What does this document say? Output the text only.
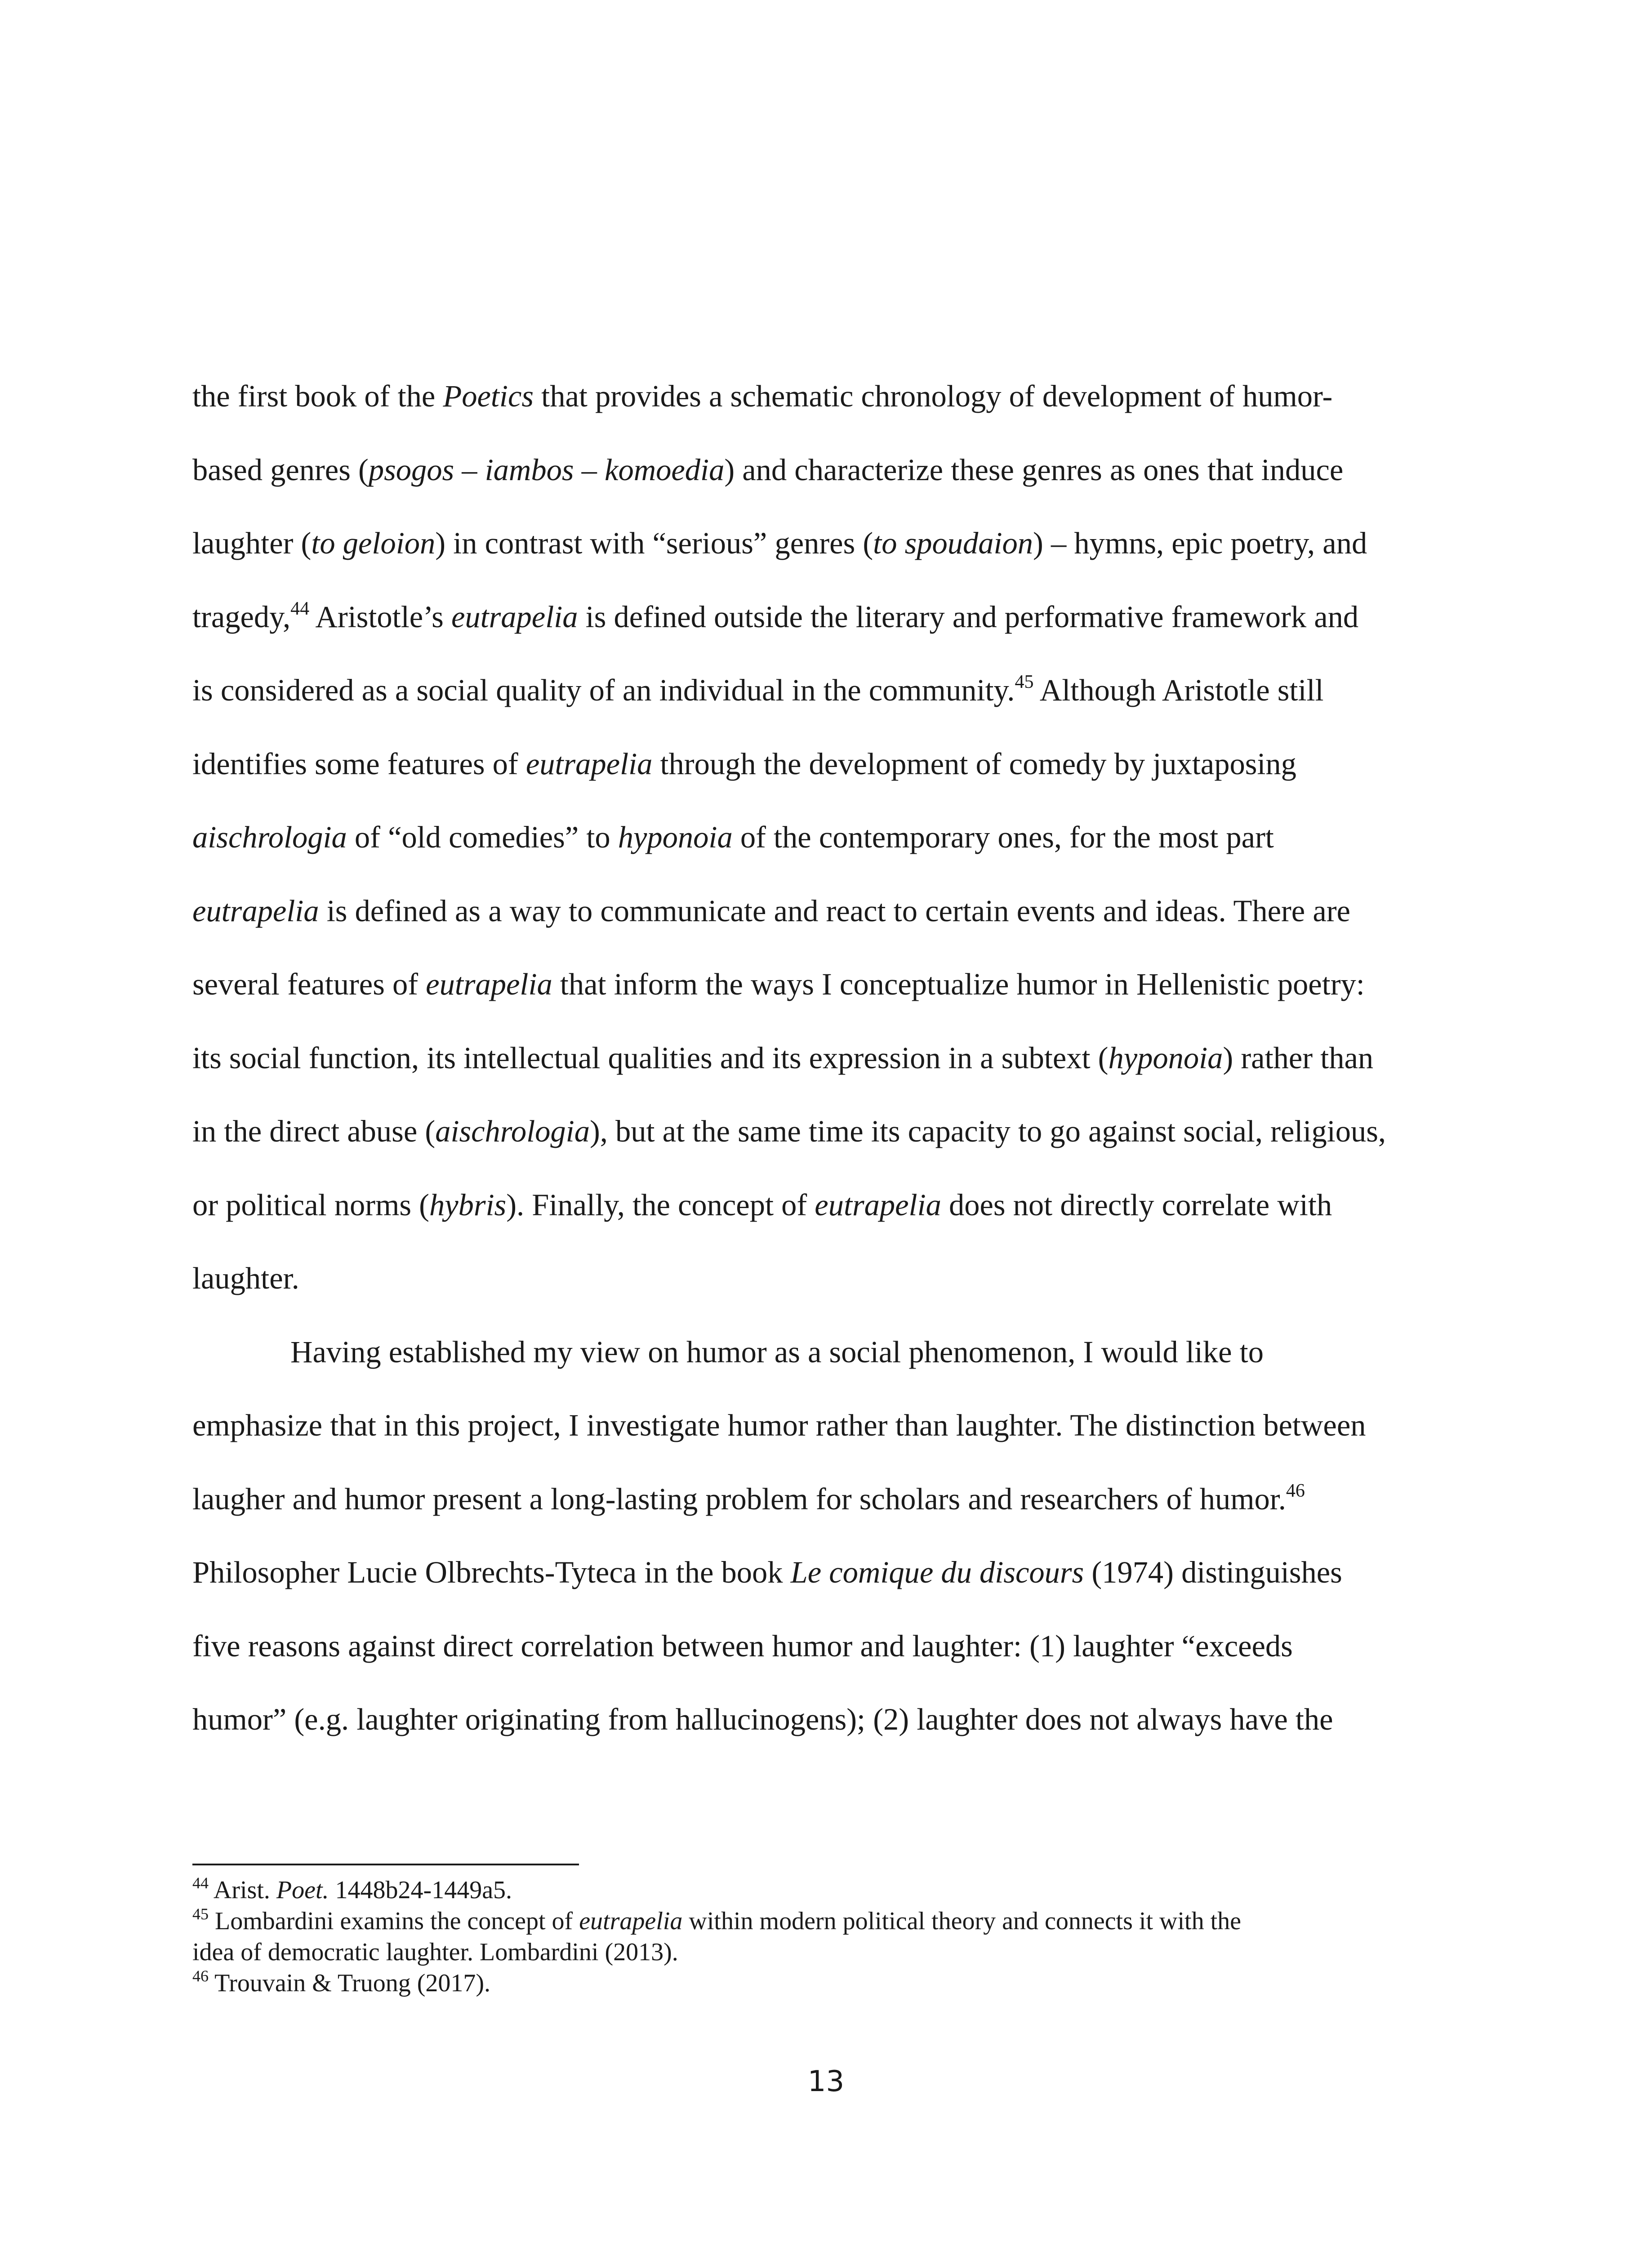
the first book of the Poetics that provides a schematic chronology of development of humor-
based genres (psogos – iambos – komoedia) and characterize these genres as ones that induce
laughter (to geloion) in contrast with “serious” genres (to spoudaion) – hymns, epic poetry, and
tragedy,$^{44}$ Aristotle’s eutrapelia is defined outside the literary and performative framework and
is considered as a social quality of an individual in the community.$^{45}$ Although Aristotle still
identifies some features of eutrapelia through the development of comedy by juxtaposing
aischrologia of “old comedies” to hyponoia of the contemporary ones, for the most part
eutrapelia is defined as a way to communicate and react to certain events and ideas. There are
several features of eutrapelia that inform the ways I conceptualize humor in Hellenistic poetry:
its social function, its intellectual qualities and its expression in a subtext (hyponoia) rather than
in the direct abuse (aischrologia), but at the same time its capacity to go against social, religious,
or political norms (hybris). Finally, the concept of eutrapelia does not directly correlate with
laughter.
Having established my view on humor as a social phenomenon, I would like to
emphasize that in this project, I investigate humor rather than laughter. The distinction between
laugher and humor present a long-lasting problem for scholars and researchers of humor.$^{46}$
Philosopher Lucie Olbrechts-Tyteca in the book Le comique du discours (1974) distinguishes
five reasons against direct correlation between humor and laughter: (1) laughter “exceeds
humor” (e.g. laughter originating from hallucinogens); (2) laughter does not always have the
$^{44}$ Arist. Poet. 1448b24-1449a5.
$^{45}$ Lombardini examins the concept of eutrapelia within modern political theory and connects it with the
idea of democratic laughter. Lombardini (2013).
$^{46}$ Trouvain & Truong (2017).
13
